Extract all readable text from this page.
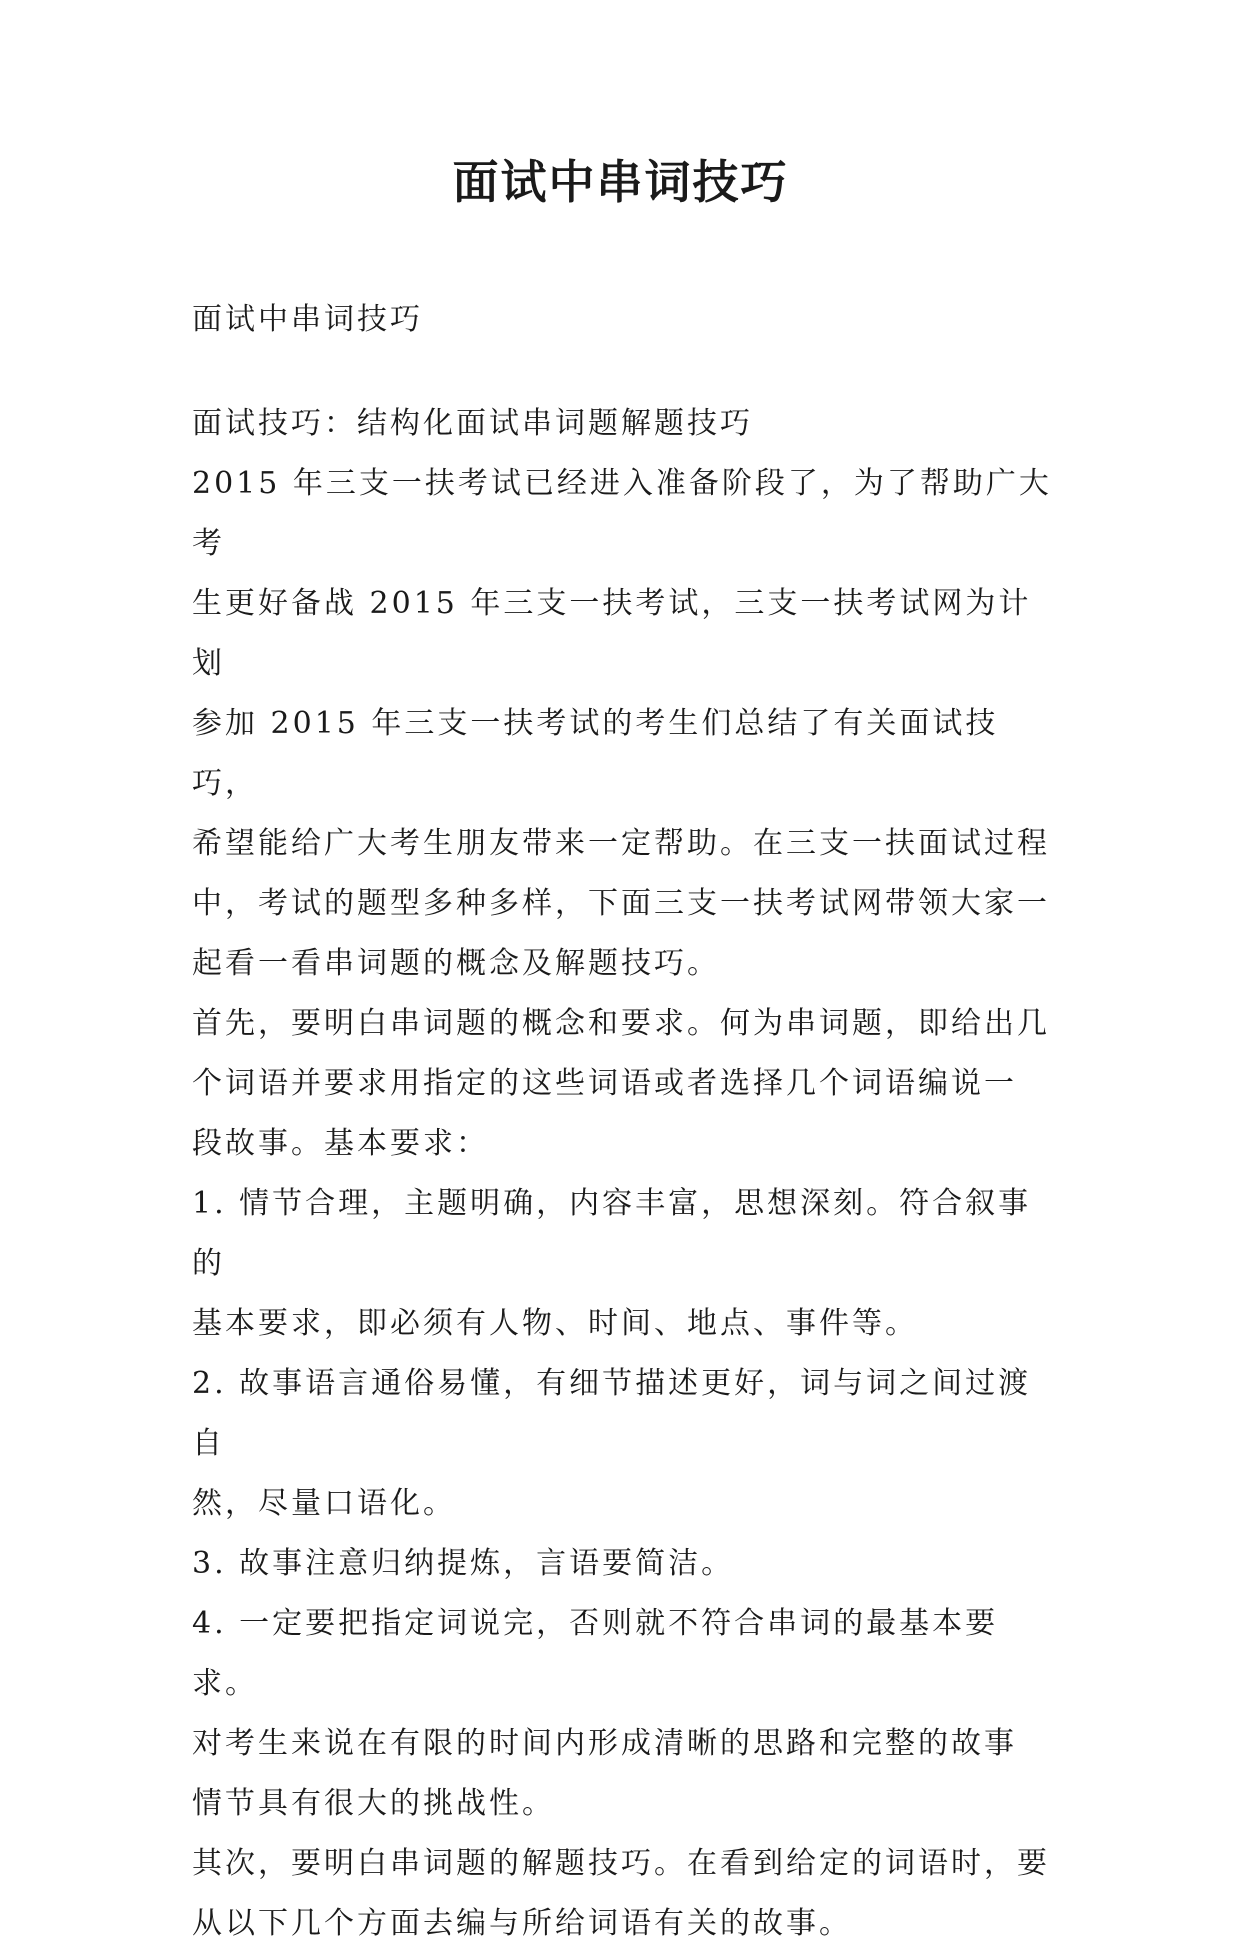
面试中串词技巧

面试中串词技巧

面试技巧：结构化面试串词题解题技巧

2015 年三支一扶考试已经进入准备阶段了，为了帮助广大考

生更好备战 2015 年三支一扶考试，三支一扶考试网为计划

参加 2015 年三支一扶考试的考生们总结了有关面试技巧，

希望能给广大考生朋友带来一定帮助。在三支一扶面试过程

中，考试的题型多种多样，下面三支一扶考试网带领大家一

起看一看串词题的概念及解题技巧。

首先，要明白串词题的概念和要求。何为串词题，即给出几

个词语并要求用指定的这些词语或者选择几个词语编说一

段故事。基本要求：

1. 情节合理，主题明确，内容丰富，思想深刻。符合叙事的

基本要求，即必须有人物、时间、地点、事件等。

2. 故事语言通俗易懂，有细节描述更好，词与词之间过渡自

然，尽量口语化。

3. 故事注意归纳提炼，言语要简洁。

4. 一定要把指定词说完，否则就不符合串词的最基本要求。

对考生来说在有限的时间内形成清晰的思路和完整的故事

情节具有很大的挑战性。

其次，要明白串词题的解题技巧。在看到给定的词语时，要

从以下几个方面去编与所给词语有关的故事。
